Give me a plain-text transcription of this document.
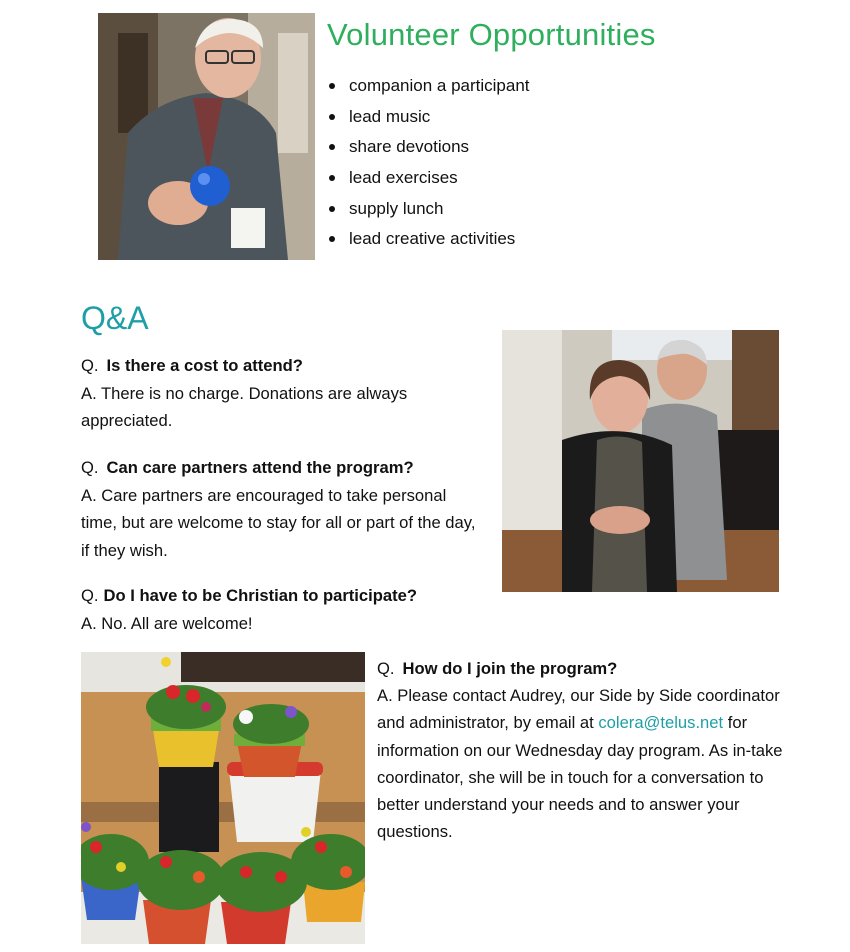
Volunteer Opportunities
companion a participant
lead music
share devotions
lead exercises
supply lunch
lead creative activities
Q&A
Q. Is there a cost to attend?

A. There is no charge. Donations are always appreciated.

Q. Can care partners attend the program?

A. Care partners are encouraged to take personal time, but are welcome to stay for all or part of the day, if they wish.

Q. Do I have to be Christian to participate?

A. No. All are welcome!

Q. How do I join the program?

A. Please contact Audrey, our Side by Side coordinator and administrator, by email at colera@telus.net for information on our Wednesday day program. As in-take coordinator, she will be in touch for a conversation to better understand your needs and to answer your questions.
